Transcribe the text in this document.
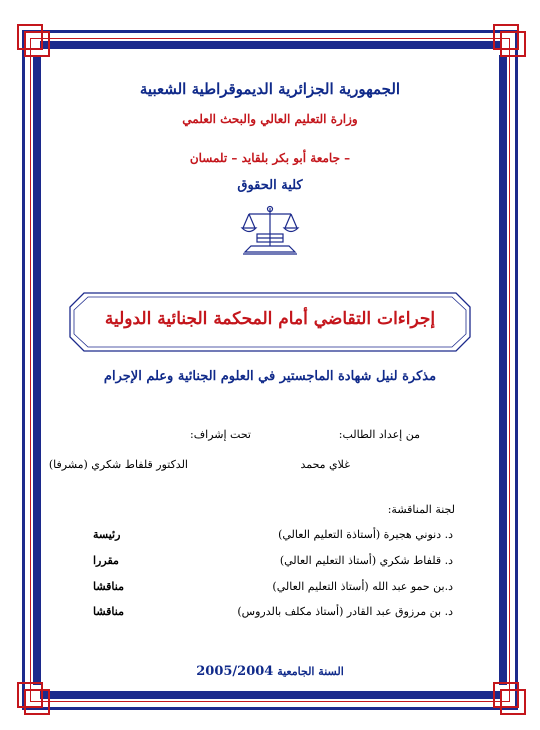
الجمهورية الجزائرية الديموقراطية الشعبية
وزارة التعليم العالي والبحث العلمي
جامعة أبو بكر بلقايد – تلمسان –
كلية الحقوق
إجراءات التقاضي أمام المحكمة الجنائية الدولية
مذكرة لنيل شهادة الماجستير في العلوم الجنائية وعلم الإجرام
من إعداد الطالب:
تحت إشراف:
غلاي محمد
الدكتور قلفاط شكري (مشرفا)
لجنة المناقشة:
د. دنوني هجيرة (أستاذة التعليم العالي)
رئيسة
د. قلفاط شكري (أستاذ التعليم العالي)
مقررا
د.بن حمو عبد الله (أستاذ التعليم العالي)
مناقشا
د. بن مرزوق عبد القادر (أستاذ مكلف بالدروس)
مناقشا
السنة الجامعية 2005/2004
